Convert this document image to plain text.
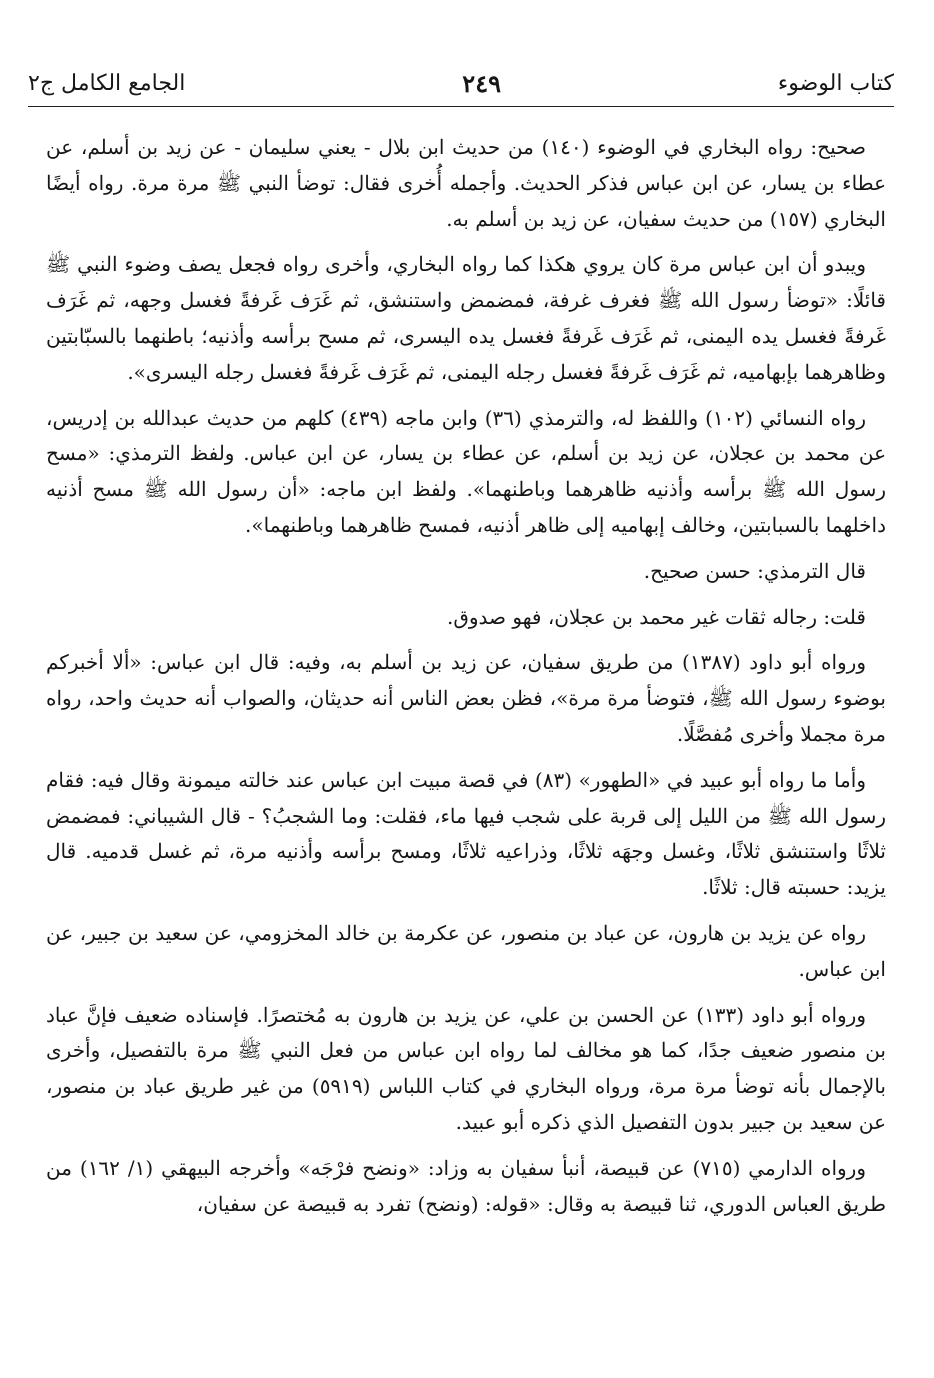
كتاب الوضوء
٢٤٩
الجامع الكامل ج٢

صحيح: رواه البخاري في الوضوء (١٤٠) من حديث ابن بلال - يعني سليمان - عن زيد بن أسلم، عن عطاء بن يسار، عن ابن عباس فذكر الحديث. وأجمله أُخرى فقال: توضأ النبي ﷺ مرة مرة. رواه أيضًا البخاري (١٥٧) من حديث سفيان، عن زيد بن أسلم به.

ويبدو أن ابن عباس مرة كان يروي هكذا كما رواه البخاري، وأخرى رواه فجعل يصف وضوء النبي ﷺ قائلًا: «توضأ رسول الله ﷺ فغرف غرفة، فمضمض واستنشق، ثم غَرَف غَرفةً فغسل وجهه، ثم غَرَف غَرفةً فغسل يده اليمنى، ثم غَرَف غَرفةً فغسل يده اليسرى، ثم مسح برأسه وأذنيه؛ باطنهما بالسبّابتين وظاهرهما بإبهاميه، ثم غَرَف غَرفةً فغسل رجله اليمنى، ثم غَرَف غَرفةً فغسل رجله اليسرى».

رواه النسائي (١٠٢) واللفظ له، والترمذي (٣٦) وابن ماجه (٤٣٩) كلهم من حديث عبدالله بن إدريس، عن محمد بن عجلان، عن زيد بن أسلم، عن عطاء بن يسار، عن ابن عباس. ولفظ الترمذي: «مسح رسول الله ﷺ برأسه وأذنيه ظاهرهما وباطنهما». ولفظ ابن ماجه: «أن رسول الله ﷺ مسح أذنيه داخلهما بالسبابتين، وخالف إبهاميه إلى ظاهر أذنيه، فمسح ظاهرهما وباطنهما».

قال الترمذي: حسن صحيح.

قلت: رجاله ثقات غير محمد بن عجلان، فهو صدوق.

ورواه أبو داود (١٣٨٧) من طريق سفيان، عن زيد بن أسلم به، وفيه: قال ابن عباس: «ألا أخبركم بوضوء رسول الله ﷺ، فتوضأ مرة مرة»، فظن بعض الناس أنه حديثان، والصواب أنه حديث واحد، رواه مرة مجملا وأخرى مُفصَّلًا.

وأما ما رواه أبو عبيد في «الطهور» (٨٣) في قصة مبيت ابن عباس عند خالته ميمونة وقال فيه: فقام رسول الله ﷺ من الليل إلى قربة على شجب فيها ماء، فقلت: وما الشجبُ؟ - قال الشيباني: فمضمض ثلاثًا واستنشق ثلاثًا، وغسل وجهَه ثلاثًا، وذراعيه ثلاثًا، ومسح برأسه وأذنيه مرة، ثم غسل قدميه. قال يزيد: حسبته قال: ثلاثًا.

رواه عن يزيد بن هارون، عن عباد بن منصور، عن عكرمة بن خالد المخزومي، عن سعيد بن جبير، عن ابن عباس.

ورواه أبو داود (١٣٣) عن الحسن بن علي، عن يزيد بن هارون به مُختصرًا. فإسناده ضعيف فإنَّ عباد بن منصور ضعيف جدًا، كما هو مخالف لما رواه ابن عباس من فعل النبي ﷺ مرة بالتفصيل، وأخرى بالإجمال بأنه توضأ مرة مرة، ورواه البخاري في كتاب اللباس (٥٩١٩) من غير طريق عباد بن منصور، عن سعيد بن جبير بدون التفصيل الذي ذكره أبو عبيد.

ورواه الدارمي (٧١٥) عن قبيصة، أنبأ سفيان به وزاد: «ونضح فرْجَه» وأخرجه البيهقي (١/ ١٦٢) من طريق العباس الدوري، ثنا قبيصة به وقال: «قوله: (ونضح) تفرد به قبيصة عن سفيان،
